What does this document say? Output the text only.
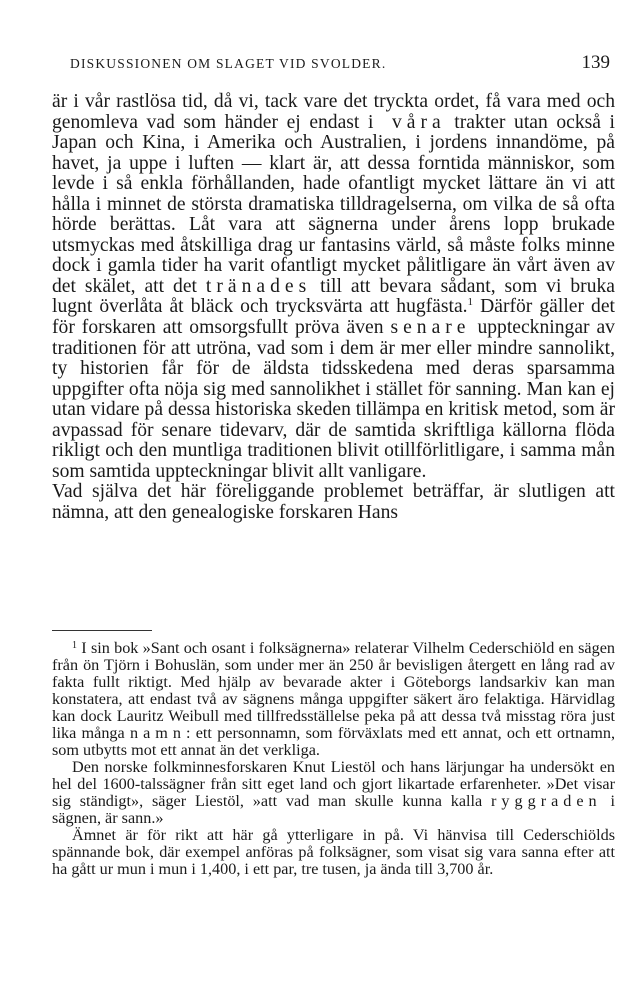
DISKUSSIONEN OM SLAGET VID SVOLDER.	139

är i vår rastlösa tid, då vi, tack vare det tryckta ordet, få vara med och genomleva vad som händer ej endast i våra trakter utan också i Japan och Kina, i Amerika och Australien, i jordens innandöme, på havet, ja uppe i luften — klart är, att dessa forntida människor, som levde i så enkla förhållanden, hade ofantligt mycket lättare än vi att hålla i minnet de största dramatiska tilldragelserna, om vilka de så ofta hörde berättas. Låt vara att sägnerna under årens lopp brukade utsmyckas med åtskilliga drag ur fantasins värld, så måste folks minne dock i gamla tider ha varit ofantligt mycket pålitligare än vårt även av det skälet, att det tränades till att bevara sådant, som vi bruka lugnt överlåta åt bläck och trycksvärta att hugfästa.$^1$ Därför gäller det för forskaren att omsorgsfullt pröva även senare uppteckningar av traditionen för att utröna, vad som i dem är mer eller mindre sannolikt, ty historien får för de äldsta tidsskedena med deras sparsamma uppgifter ofta nöja sig med sannolikhet i stället för sanning. Man kan ej utan vidare på dessa historiska skeden tillämpa en kritisk metod, som är avpassad för senare tidevarv, där de samtida skriftliga källorna flöda rikligt och den muntliga traditionen blivit otillförlitligare, i samma mån som samtida uppteckningar blivit allt vanligare.

Vad själva det här föreliggande problemet beträffar, är slutligen att nämna, att den genealogiske forskaren Hans

$^1$ I sin bok »Sant och osant i folksägnerna» relaterar Vilhelm Cederschiöld en sägen från ön Tjörn i Bohuslän, som under mer än 250 år bevisligen återgett en lång rad av fakta fullt riktigt. Med hjälp av bevarade akter i Göteborgs landsarkiv kan man konstatera, att endast två av sägnens många uppgifter säkert äro felaktiga. Härvidlag kan dock Lauritz Weibull med tillfredsställelse peka på att dessa två misstag röra just lika många namn: ett personnamn, som förväxlats med ett annat, och ett ortnamn, som utbytts mot ett annat än det verkliga.

Den norske folkminnesforskaren Knut Liestöl och hans lärjungar ha undersökt en hel del 1600-talssägner från sitt eget land och gjort likartade erfarenheter. »Det visar sig ständigt», säger Liestöl, »att vad man skulle kunna kalla ryggraden i sägnen, är sann.»

Ämnet är för rikt att här gå ytterligare in på. Vi hänvisa till Cederschiölds spännande bok, där exempel anföras på folksägner, som visat sig vara sanna efter att ha gått ur mun i mun i 1,400, i ett par, tre tusen, ja ända till 3,700 år.
